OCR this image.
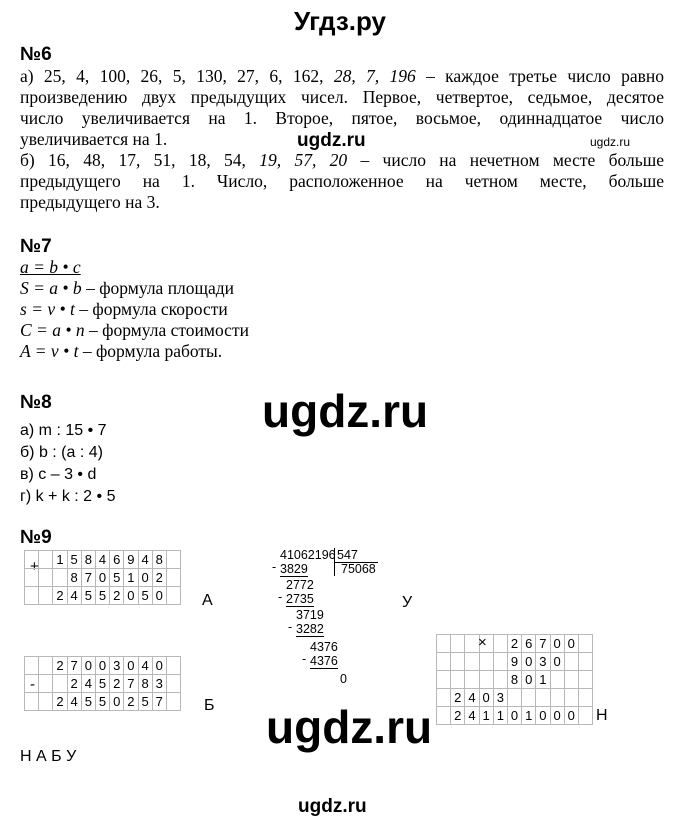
Угдз.ру
ugdz.ru	ugdz.ru
ugdz.ru
ugdz.ru
ugdz.ru
№6
а) 25, 4, 100, 26, 5, 130, 27, 6, 162, 28, 7, 196 – каждое третье число равно
произведению двух предыдущих чисел. Первое, четвертое, седьмое, десятое
число увеличивается на 1. Второе, пятое, восьмое, одиннадцатое число
увеличивается на 1.
б) 16, 48, 17, 51, 18, 54, 19, 57, 20 – число на нечетном месте больше
предыдущего на 1. Число, расположенное на четном месте, больше
предыдущего на 3.
№7
a = b • c
S = a • b – формула площади
s = v • t – формула скорости
C = a • n – формула стоимости
A = v • t – формула работы.
№8
а) m : 15 • 7
б) b : (a : 4)
в) c – 3 • d
г) k + k : 2 • 5
№9
+
		1	5	8	4	6	9	4	8	
			8	7	0	5	1	0	2	
		2	4	5	5	2	0	5	0	А
		2	7	0	0	3	0	4	0	
			2	4	5	2	7	8	3	
		2	4	5	5	0	2	5	7	
-
Б
41062196 547
75068
- 3829
2772
- 2735
3719
- 3282
4376
- 4376
0
У
					2	6	7	0	0	
					9	0	3	0		
					8	0	1			
	2	4	0	3						
	2	4	1	1	0	1	0	0	0	
×
Н
Н А Б У
